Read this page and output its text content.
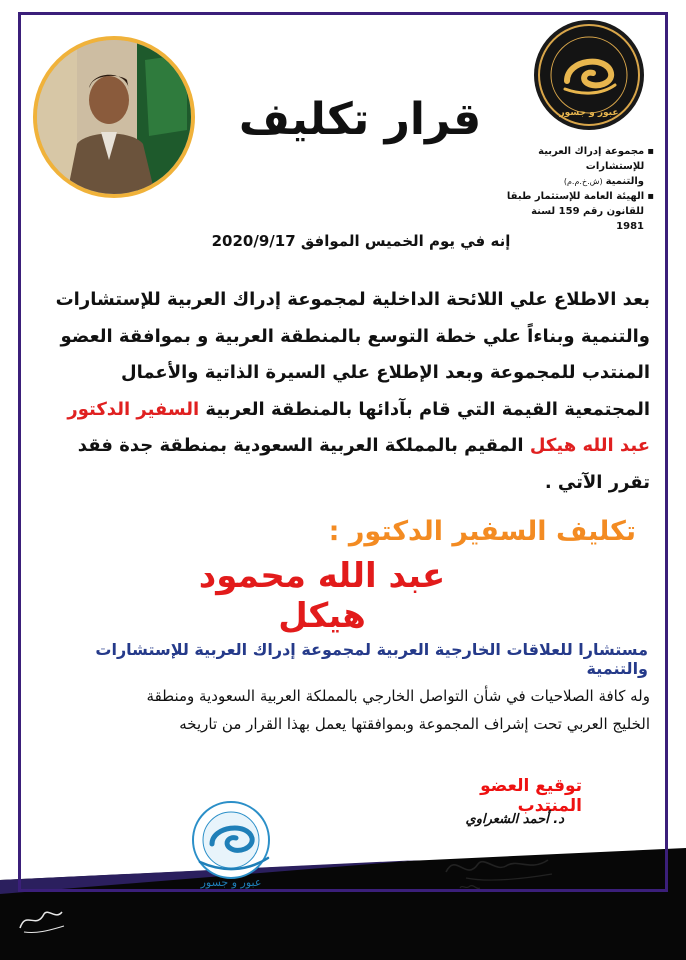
عبور و جسور
قرار تكليف
▪
مجموعة إدراك العربية للإستشارات
والتنمية
(ش.خ.م.م)
▪
الهيئة العامة للإستثمار طبقا
للقانون رقم 159 لسنة 1981
إنه في يوم الخميس الموافق 2020/9/17
بعد الاطلاع علي اللائحة الداخلية لمجموعة إدراك العربية للإستشارات
والتنمية وبناءاً علي خطة التوسع بالمنطقة العربية و بموافقة العضو
المنتدب للمجموعة وبعد الإطلاع علي السيرة الذاتية والأعمال
المجتمعية القيمة التي قام بآدائها بالمنطقة العربية السفير الدكتور
عبد الله هيكل المقيم بالمملكة العربية السعودية بمنطقة جدة فقد
تقرر الآتي .
تكليف السفير الدكتور :
عبد الله محمود هيكل
مستشارا للعلاقات الخارجية العربية لمجموعة إدراك العربية للإستشارات والتنمية
وله كافة الصلاحيات في شأن التواصل الخارجي بالمملكة العربية السعودية ومنطقة
الخليج العربي تحت إشراف المجموعة وبموافقتها يعمل بهذا القرار من تاريخه
توقيع العضو المنتدب
د. أحمد الشعراوي
عبور و جسور
